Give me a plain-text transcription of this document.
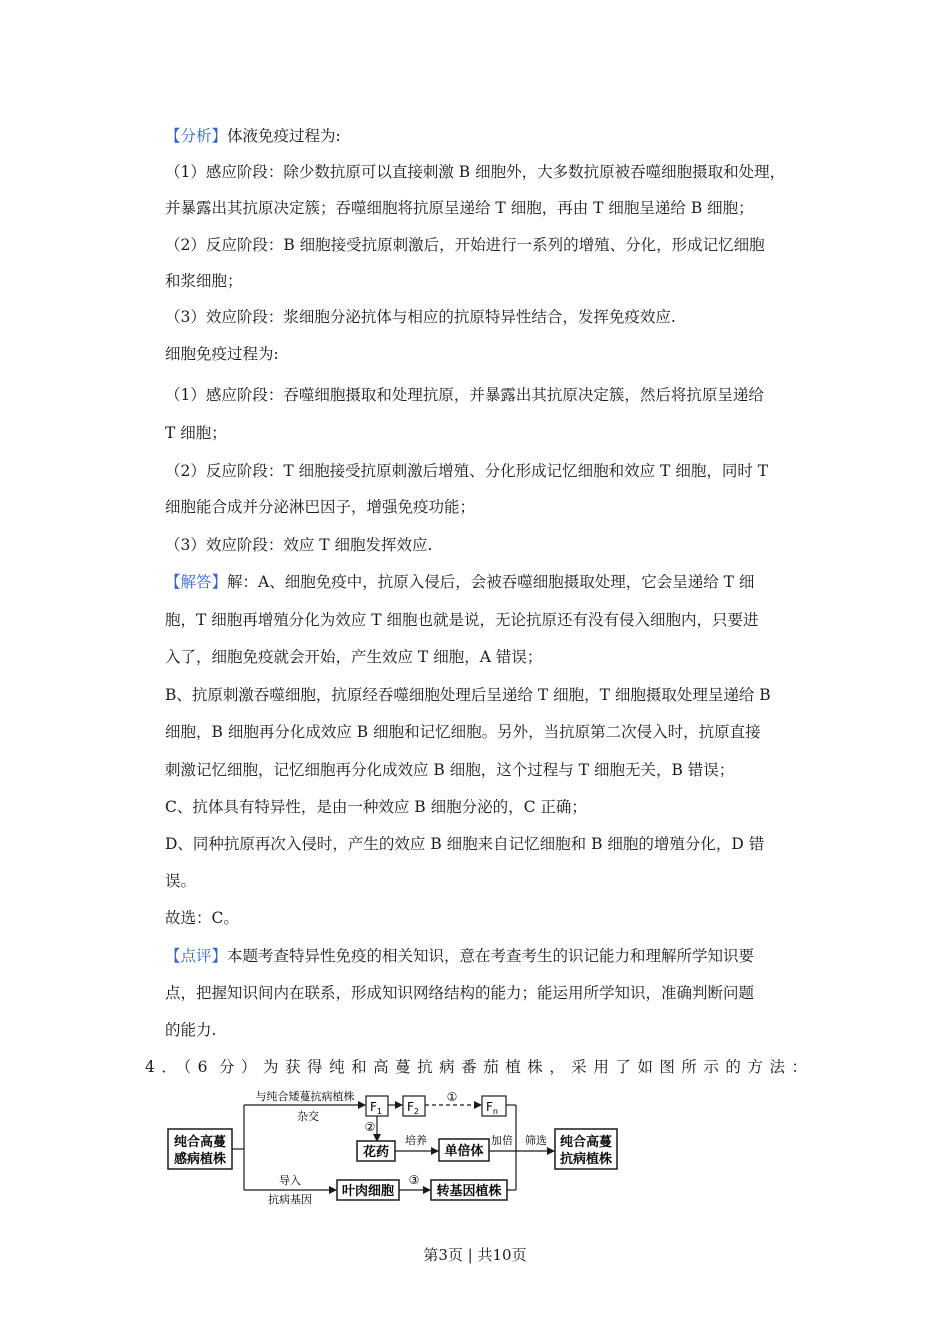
【分析】体液免疫过程为:
（1）感应阶段：除少数抗原可以直接刺激 B 细胞外，大多数抗原被吞噬细胞摄取和处理，
并暴露出其抗原决定簇；吞噬细胞将抗原呈递给 T 细胞，再由 T 细胞呈递给 B 细胞；
（2）反应阶段：B 细胞接受抗原刺激后，开始进行一系列的增殖、分化，形成记忆细胞
和浆细胞；
（3）效应阶段：浆细胞分泌抗体与相应的抗原特异性结合，发挥免疫效应.
细胞免疫过程为:
（1）感应阶段：吞噬细胞摄取和处理抗原，并暴露出其抗原决定簇，然后将抗原呈递给
T 细胞；
（2）反应阶段：T 细胞接受抗原刺激后增殖、分化形成记忆细胞和效应 T 细胞，同时 T
细胞能合成并分泌淋巴因子，增强免疫功能；
（3）效应阶段：效应 T 细胞发挥效应.
【解答】解：A、细胞免疫中，抗原入侵后，会被吞噬细胞摄取处理，它会呈递给 T 细
胞，T 细胞再增殖分化为效应 T 细胞也就是说，无论抗原还有没有侵入细胞内，只要进
入了，细胞免疫就会开始，产生效应 T 细胞，A 错误；
B、抗原刺激吞噬细胞，抗原经吞噬细胞处理后呈递给 T 细胞，T 细胞摄取处理呈递给 B
细胞，B 细胞再分化成效应 B 细胞和记忆细胞。另外，当抗原第二次侵入时，抗原直接
刺激记忆细胞，记忆细胞再分化成效应 B 细胞，这个过程与 T 细胞无关，B 错误；
C、抗体具有特异性，是由一种效应 B 细胞分泌的，C 正确；
D、同种抗原再次入侵时，产生的效应 B 细胞来自记忆细胞和 B 细胞的增殖分化，D 错
误。
故选：C。
【点评】本题考查特异性免疫的相关知识，意在考查考生的识记能力和理解所学知识要
点，把握知识间内在联系，形成知识网络结构的能力；能运用所学知识，准确判断问题
的能力.
4．（6 分）为获得纯和高蔓抗病番茄植株，采用了如图所示的方法：
纯合高蔓
感病植株
与纯合矮蔓抗病植株
杂交
$F_1$ $F_2$
①
$F_n$
②
花药
培养
单倍体
加倍 筛选 纯合高蔓
抗病植株
导入
抗病基因
叶肉细胞
③
转基因植株
第3页 | 共10页
